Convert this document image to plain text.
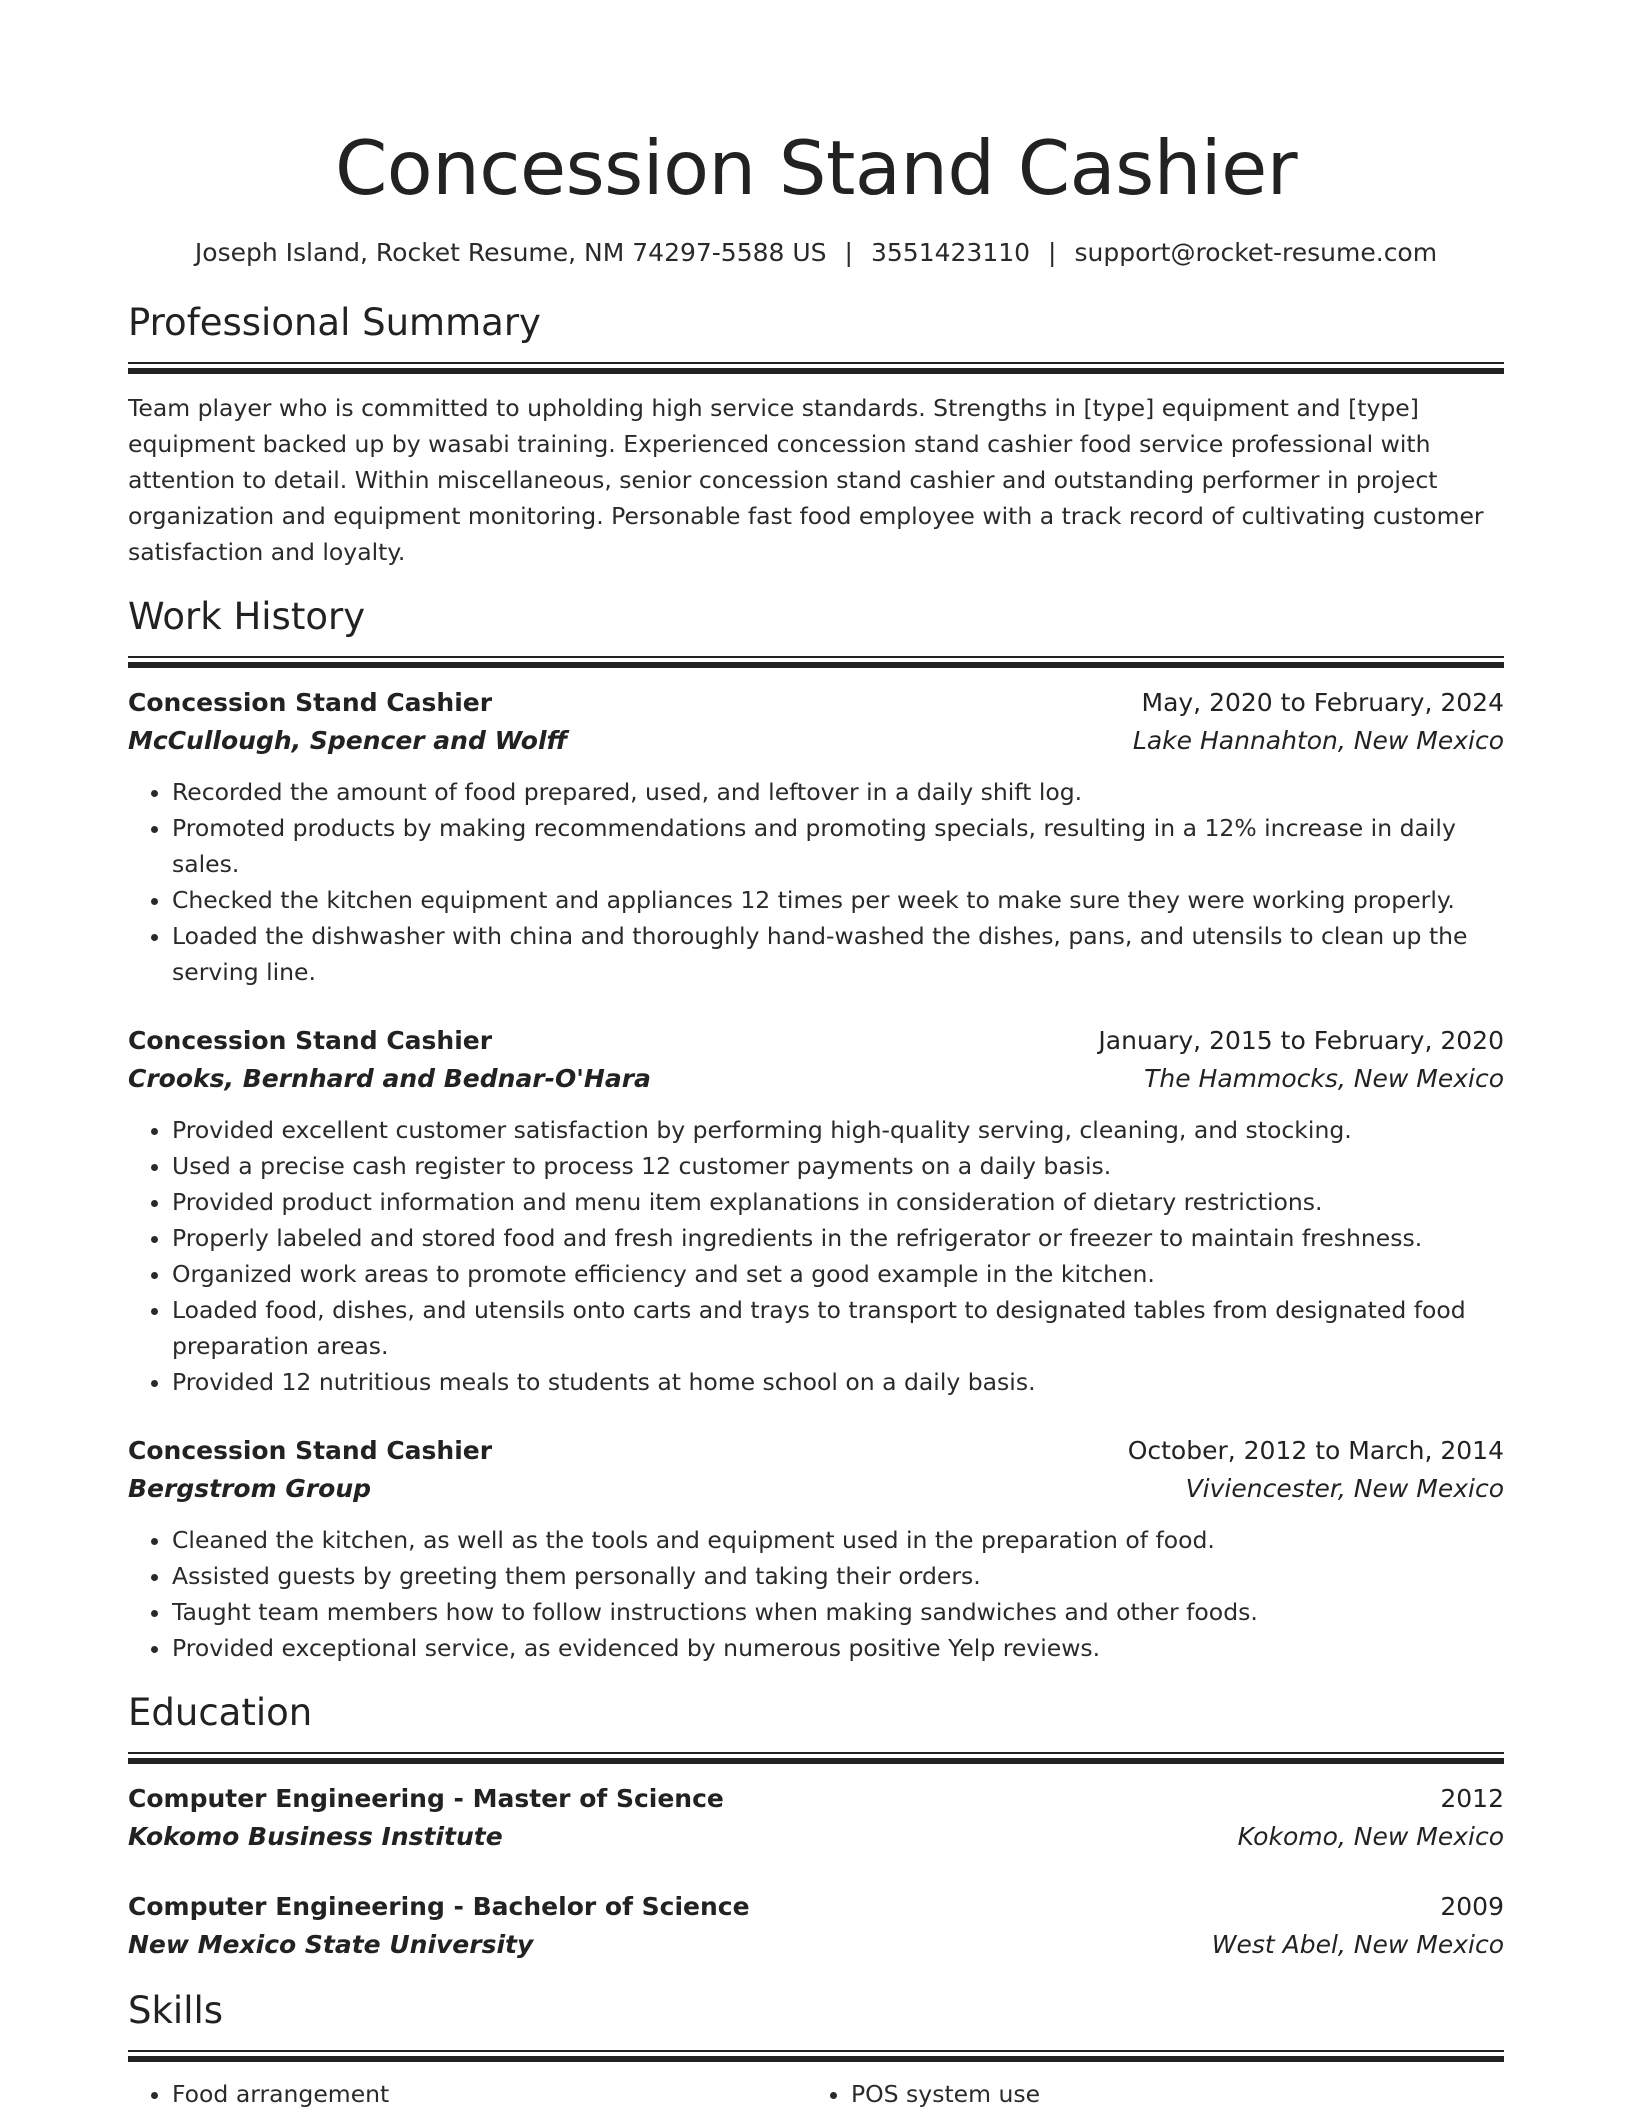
Concession Stand Cashier
Joseph Island, Rocket Resume, NM 74297-5588 US | 3551423110 | support@rocket-resume.com
Professional Summary
Team player who is committed to upholding high service standards. Strengths in [type] equipment and [type] equipment backed up by wasabi training. Experienced concession stand cashier food service professional with attention to detail. Within miscellaneous, senior concession stand cashier and outstanding performer in project organization and equipment monitoring. Personable fast food employee with a track record of cultivating customer satisfaction and loyalty.
Work History
Concession Stand Cashier	May, 2020 to February, 2024
McCullough, Spencer and Wolff	Lake Hannahton, New Mexico
• Recorded the amount of food prepared, used, and leftover in a daily shift log.
• Promoted products by making recommendations and promoting specials, resulting in a 12% increase in daily sales.
• Checked the kitchen equipment and appliances 12 times per week to make sure they were working properly.
• Loaded the dishwasher with china and thoroughly hand-washed the dishes, pans, and utensils to clean up the serving line.
Concession Stand Cashier	January, 2015 to February, 2020
Crooks, Bernhard and Bednar-O'Hara	The Hammocks, New Mexico
• Provided excellent customer satisfaction by performing high-quality serving, cleaning, and stocking.
• Used a precise cash register to process 12 customer payments on a daily basis.
• Provided product information and menu item explanations in consideration of dietary restrictions.
• Properly labeled and stored food and fresh ingredients in the refrigerator or freezer to maintain freshness.
• Organized work areas to promote efficiency and set a good example in the kitchen.
• Loaded food, dishes, and utensils onto carts and trays to transport to designated tables from designated food preparation areas.
• Provided 12 nutritious meals to students at home school on a daily basis.
Concession Stand Cashier	October, 2012 to March, 2014
Bergstrom Group	Viviencester, New Mexico
• Cleaned the kitchen, as well as the tools and equipment used in the preparation of food.
• Assisted guests by greeting them personally and taking their orders.
• Taught team members how to follow instructions when making sandwiches and other foods.
• Provided exceptional service, as evidenced by numerous positive Yelp reviews.
Education
Computer Engineering - Master of Science	2012
Kokomo Business Institute	Kokomo, New Mexico
Computer Engineering - Bachelor of Science	2009
New Mexico State University	West Abel, New Mexico
Skills
• Food arrangement
•	POS system use
